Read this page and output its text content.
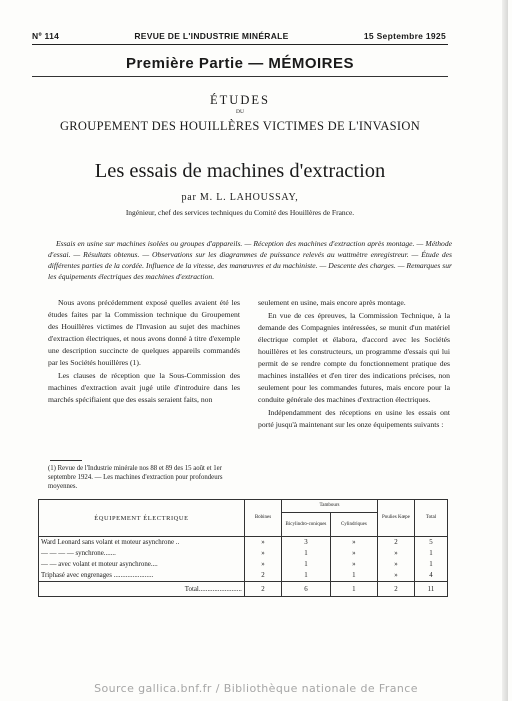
Nº 114	REVUE DE L'INDUSTRIE MINÉRALE	15 Septembre 1925
Première Partie — MÉMOIRES
ÉTUDES
DU
GROUPEMENT DES HOUILLÈRES VICTIMES DE L'INVASION
Les essais de machines d'extraction
par M. L. LAHOUSSAY,
Ingénieur, chef des services techniques du Comité des Houillères de France.

Essais en usine sur machines isolées ou groupes d'appareils. — Réception des machines d'extraction après montage. — Méthode d'essai. — Résultats obtenus. — Observations sur les diagrammes de puissance relevés au wattmètre enregistreur. — Étude des différentes parties de la cordée. Influence de la vitesse, des manœuvres et du machiniste. — Descente des charges. — Remarques sur les équipements électriques des machines d'extraction.

Nous avons précédemment exposé quelles avaient été les études faites par la Commission technique du Groupement des Houillères victimes de l'Invasion au sujet des machines d'extraction électriques, et nous avons donné à titre d'exemple une description succincte de quelques appareils commandés par les Sociétés houillères (1).

Les clauses de réception que la Sous-Commission des machines d'extraction avait jugé utile d'introduire dans les marchés spécifiaient que des essais seraient faits, non

seulement en usine, mais encore après montage.

En vue de ces épreuves, la Commission Technique, à la demande des Compagnies intéressées, se munit d'un matériel électrique complet et élabora, d'accord avec les Sociétés houillères et les constructeurs, un programme d'essais qui lui permit de se rendre compte du fonctionnement pratique des machines installées et d'en tirer des indications précises, non seulement pour les commandes futures, mais encore pour la conduite générale des machines d'extraction électriques.

Indépendamment des réceptions en usine les essais ont porté jusqu'à maintenant sur les onze équipements suivants :

(1) Revue de l'Industrie minérale nos 88 et 89 des 15 août et 1er septembre 1924. — Les machines d'extraction pour profondeurs moyennes.
ÉQUIPEMENT ÉLECTRIQUE	Bobines	Tambours		Poulies Kœpe	Total
		Bicylindro-coniques	Cylindriques		
Ward Leonard sans volant et moteur asynchrone ..	»	3	»	2	5
— — — — synchrone.......	»	1	»	»	1
— — avec volant et moteur asynchrone....	»	1	»	»	1
Triphasé avec engrenages .......................	2	1	1	»	4
Total.........................	2	6	1	2	11
Source gallica.bnf.fr / Bibliothèque nationale de France
